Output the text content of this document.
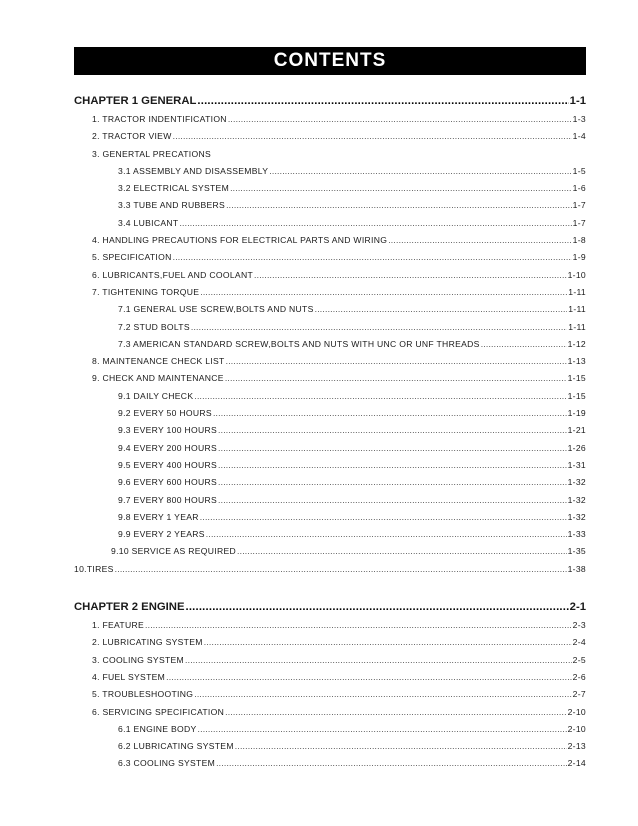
CONTENTS
CHAPTER 1 GENERAL .....	1-1
1. TRACTOR INDENTIFICATION .....	1-3
2. TRACTOR VIEW .....	1-4
3. GENERTAL PRECATIONS
3.1 ASSEMBLY AND DISASSEMBLY .....	1-5
3.2 ELECTRICAL SYSTEM .....	1-6
3.3 TUBE AND RUBBERS .....	1-7
3.4 LUBICANT .....	1-7
4. HANDLING PRECAUTIONS FOR ELECTRICAL PARTS AND WIRING .....	1-8
5. SPECIFICATION .....	1-9
6. LUBRICANTS,FUEL AND COOLANT .....	1-10
7. TIGHTENING TORQUE .....	1-11
7.1 GENERAL USE SCREW,BOLTS AND NUTS .....	1-11
7.2 STUD BOLTS .....	1-11
7.3 AMERICAN STANDARD SCREW,BOLTS AND NUTS WITH UNC OR UNF THREADS .....	1-12
8. MAINTENANCE CHECK LIST .....	1-13
9. CHECK AND MAINTENANCE .....	1-15
9.1 DAILY CHECK .....	1-15
9.2 EVERY 50 HOURS .....	1-19
9.3 EVERY 100 HOURS .....	1-21
9.4 EVERY 200 HOURS .....	1-26
9.5 EVERY 400 HOURS .....	1-31
9.6 EVERY 600 HOURS .....	1-32
9.7 EVERY 800 HOURS .....	1-32
9.8 EVERY 1 YEAR .....	1-32
9.9 EVERY 2 YEARS .....	1-33
9.10 SERVICE AS REQUIRED .....	1-35
10.TIRES .....	1-38
CHAPTER 2 ENGINE .....	2-1
1. FEATURE .....	2-3
2. LUBRICATING SYSTEM .....	2-4
3. COOLING SYSTEM .....	2-5
4. FUEL SYSTEM .....	2-6
5. TROUBLESHOOTING .....	2-7
6. SERVICING SPECIFICATION .....	2-10
6.1 ENGINE BODY .....	2-10
6.2 LUBRICATING SYSTEM .....	2-13
6.3 COOLING SYSTEM .....	2-14
